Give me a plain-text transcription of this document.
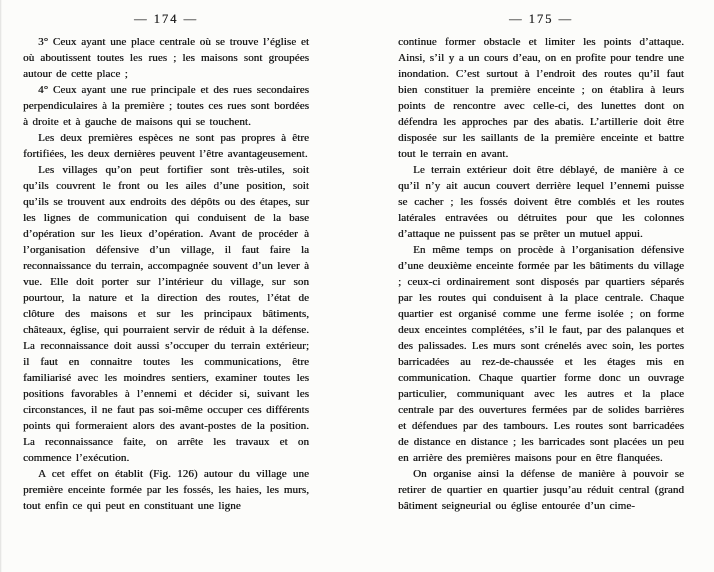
— 174 —

3° Ceux ayant une place centrale où se trouve l’église et où aboutissent toutes les rues ; les maisons sont groupées autour de cette place ;

4° Ceux ayant une rue principale et des rues secondaires perpendiculaires à la première ; toutes ces rues sont bordées à droite et à gauche de maisons qui se touchent.

Les deux premières espèces ne sont pas propres à être fortifiées, les deux dernières peuvent l’être avantageusement.

Les villages qu’on peut fortifier sont très-utiles, soit qu’ils couvrent le front ou les ailes d’une position, soit qu’ils se trouvent aux endroits des dépôts ou des étapes, sur les lignes de communication qui conduisent de la base d’opération sur les lieux d’opération. Avant de procéder à l’organisation défensive d’un village, il faut faire la reconnaissance du terrain, accompagnée souvent d’un lever à vue. Elle doit porter sur l’intérieur du village, sur son pourtour, la nature et la direction des routes, l’état de clôture des maisons et sur les principaux bâtiments, châteaux, église, qui pourraient servir de réduit à la défense. La reconnaissance doit aussi s’occuper du terrain extérieur; il faut en connaitre toutes les communications, être familiarisé avec les moindres sentiers, examiner toutes les positions favorables à l’ennemi et décider si, suivant les circonstances, il ne faut pas soi-même occuper ces différents points qui formeraient alors des avant-postes de la position. La reconnaissance faite, on arrête les travaux et on commence l’exécution.

A cet effet on établit (Fig. 126) autour du village une première enceinte formée par les fossés, les haies, les murs, tout enfin ce qui peut en constituant une ligne

— 175 —

continue former obstacle et limiter les points d’attaque. Ainsi, s’il y a un cours d’eau, on en profite pour tendre une inondation. C’est surtout à l’endroit des routes qu’il faut bien constituer la première enceinte ; on établira à leurs points de rencontre avec celle-ci, des lunettes dont on défendra les approches par des abatis. L’artillerie doit être disposée sur les saillants de la première enceinte et battre tout le terrain en avant.

Le terrain extérieur doit être déblayé, de manière à ce qu’il n’y ait aucun couvert derrière lequel l’ennemi puisse se cacher ; les fossés doivent être comblés et les routes latérales entravées ou détruites pour que les colonnes d’attaque ne puissent pas se prêter un mutuel appui.

En même temps on procède à l’organisation défensive d’une deuxième enceinte formée par les bâtiments du village ; ceux-ci ordinairement sont disposés par quartiers séparés par les routes qui conduisent à la place centrale. Chaque quartier est organisé comme une ferme isolée ; on forme deux enceintes complétées, s’il le faut, par des palanques et des palissades. Les murs sont crénelés avec soin, les portes barricadées au rez-de-chaussée et les étages mis en communication. Chaque quartier forme donc un ouvrage particulier, communiquant avec les autres et la place centrale par des ouvertures fermées par de solides barrières et défendues par des tambours. Les routes sont barricadées de distance en distance ; les barricades sont placées un peu en arrière des premières maisons pour en être flanquées.

On organise ainsi la défense de manière à pouvoir se retirer de quartier en quartier jusqu’au réduit central (grand bâtiment seigneurial ou église entourée d’un cime-
